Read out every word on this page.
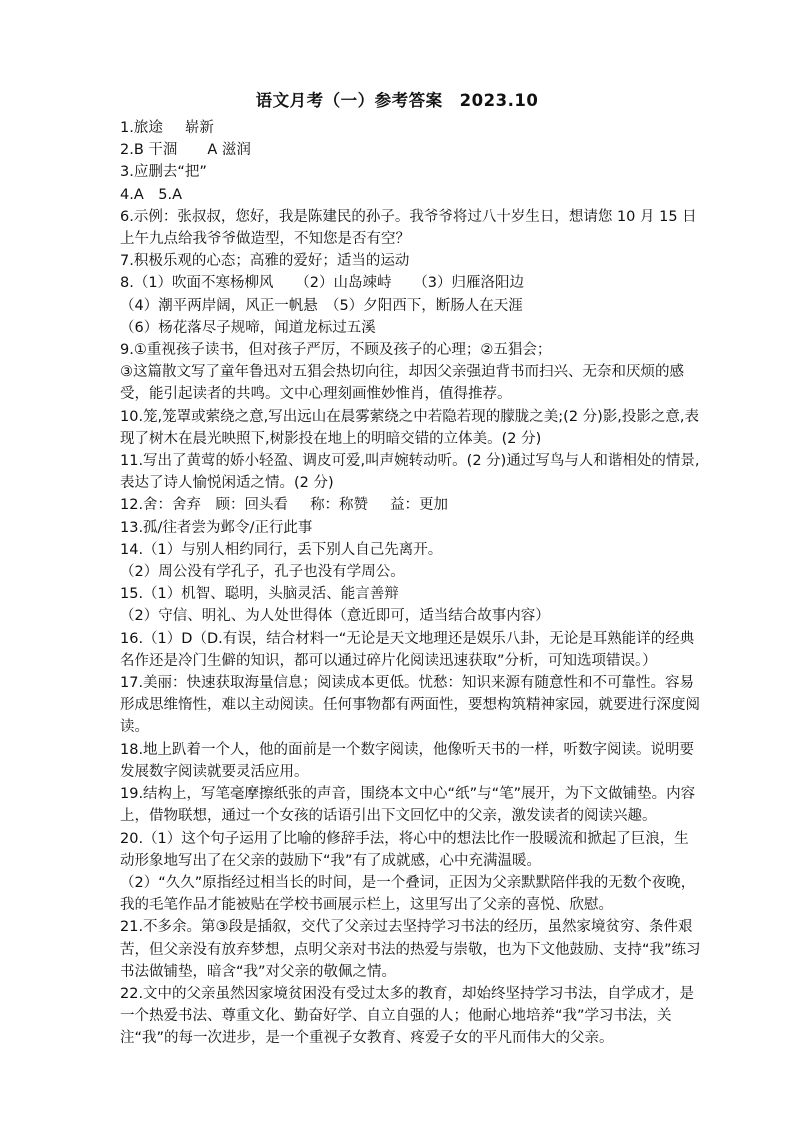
语文月考（一）参考答案　2023.10

1.旅途 崭新

2.B 干涸 A 滋润

3.应删去“把”

4.A　5.A

6.示例：张叔叔，您好，我是陈建民的孙子。我爷爷将过八十岁生日，想请您 10 月 15 日上午九点给我爷爷做造型，不知您是否有空？

7.积极乐观的心态；高雅的爱好；适当的运动

8.（1）吹面不寒杨柳风　　（2）山岛竦峙　　（3）归雁洛阳边

（4）潮平两岸阔，风正一帆悬　（5）夕阳西下，断肠人在天涯

（6）杨花落尽子规啼，闻道龙标过五溪

9.①重视孩子读书，但对孩子严厉，不顾及孩子的心理；②五猖会；

③这篇散文写了童年鲁迅对五猖会热切向往，却因父亲强迫背书而扫兴、无奈和厌烦的感受，能引起读者的共鸣。文中心理刻画惟妙惟肖，值得推荐。

10.笼,笼罩或萦绕之意,写出远山在晨雾萦绕之中若隐若现的朦胧之美;(2 分)影,投影之意,表现了树木在晨光映照下,树影投在地上的明暗交错的立体美。(2 分)

11.写出了黄莺的娇小轻盈、调皮可爱,叫声婉转动听。(2 分)通过写鸟与人和谐相处的情景,表达了诗人愉悦闲适之情。(2 分)

12.舍：舍弃　顾：回头看 称：称赞 益：更加

13.孤/往者尝为邺令/正行此事

14.（1）与别人相约同行，丢下别人自己先离开。

（2）周公没有学孔子，孔子也没有学周公。

15.（1）机智、聪明，头脑灵活、能言善辩

（2）守信、明礼、为人处世得体（意近即可，适当结合故事内容）

16.（1）D（D.有误，结合材料一“无论是天文地理还是娱乐八卦，无论是耳熟能详的经典名作还是冷门生僻的知识，都可以通过碎片化阅读迅速获取”分析，可知选项错误。）

17.美丽：快速获取海量信息；阅读成本更低。忧愁：知识来源有随意性和不可靠性。容易形成思维惰性，难以主动阅读。任何事物都有两面性，要想构筑精神家园，就要进行深度阅读。

18.地上趴着一个人，他的面前是一个数字阅读，他像听天书的一样，听数字阅读。说明要发展数字阅读就要灵活应用。

19.结构上，写笔毫摩擦纸张的声音，围绕本文中心“纸”与“笔”展开，为下文做铺垫。内容上，借物联想，通过一个女孩的话语引出下文回忆中的父亲，激发读者的阅读兴趣。

20.（1）这个句子运用了比喻的修辞手法，将心中的想法比作一股暖流和掀起了巨浪，生动形象地写出了在父亲的鼓励下“我”有了成就感，心中充满温暖。

（2）“久久”原指经过相当长的时间，是一个叠词，正因为父亲默默陪伴我的无数个夜晚，我的毛笔作品才能被贴在学校书画展示栏上，这里写出了父亲的喜悦、欣慰。

21.不多余。第③段是插叙，交代了父亲过去坚持学习书法的经历，虽然家境贫穷、条件艰苦，但父亲没有放弃梦想，点明父亲对书法的热爱与崇敬，也为下文他鼓励、支持“我”练习书法做铺垫，暗含“我”对父亲的敬佩之情。

22.文中的父亲虽然因家境贫困没有受过太多的教育，却始终坚持学习书法，自学成才，是一个热爱书法、尊重文化、勤奋好学、自立自强的人；他耐心地培养“我”学习书法，关注“我”的每一次进步，是一个重视子女教育、疼爱子女的平凡而伟大的父亲。
